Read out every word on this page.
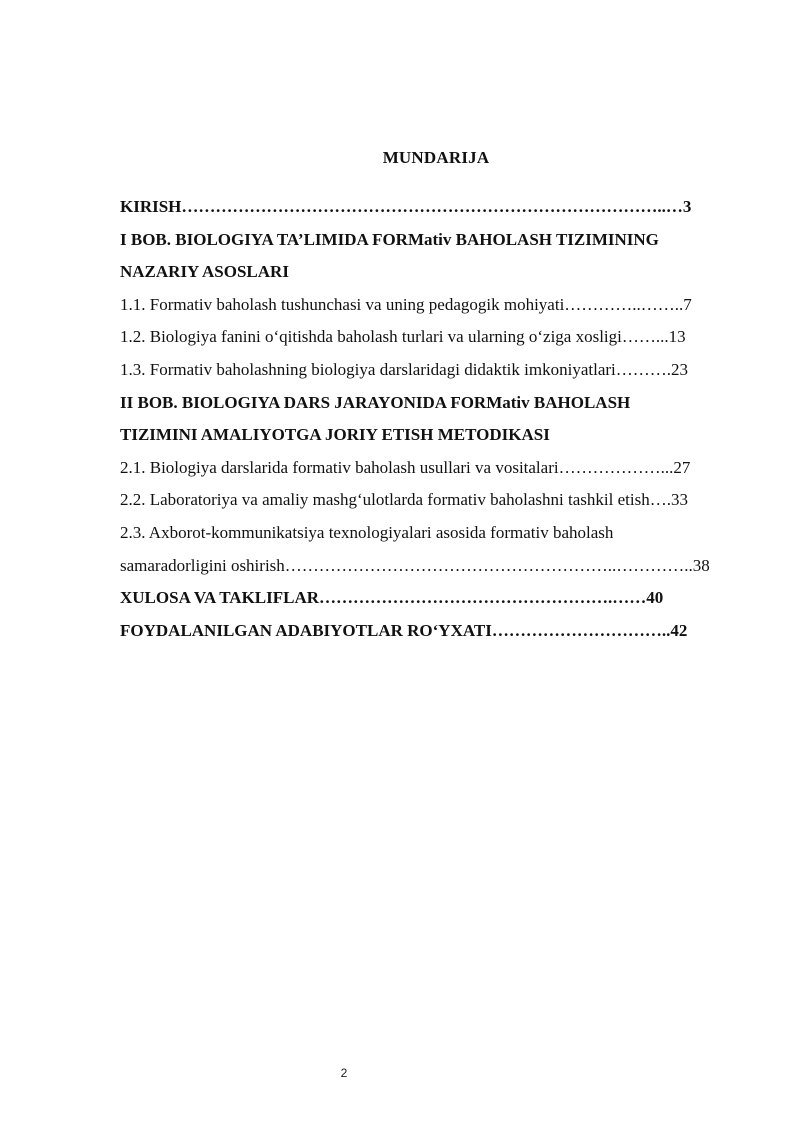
MUNDARIJA
KIRISH…………………………………………………………………………..…3
I BOB. BIOLOGIYA TA’LIMIDA FORMativ BAHOLASH TIZIMINING
NAZARIY ASOSLARI
1.1. Formativ baholash tushunchasi va uning pedagogik mohiyati…………..……..7
1.2. Biologiya fanini o‘qitishda baholash turlari va ularning o‘ziga xosligi……...13
1.3. Formativ baholashning biologiya darslaridagi didaktik imkoniyatlari……….23
II BOB. BIOLOGIYA DARS JARAYONIDA FORMativ BAHOLASH
TIZIMINI AMALIYOTGA JORIY ETISH METODIKASI
2.1. Biologiya darslarida formativ baholash usullari va vositalari………………...27
2.2. Laboratoriya va amaliy mashg‘ulotlarda formativ baholashni tashkil etish….33
2.3. Axborot-kommunikatsiya texnologiyalari asosida formativ baholash
samaradorligini oshirish…………………………………………………..…………..38
XULOSA VA TAKLIFLAR…………………………………………….……40
FOYDALANILGAN ADABIYOTLAR RO‘YXATI…………………………..42
2
